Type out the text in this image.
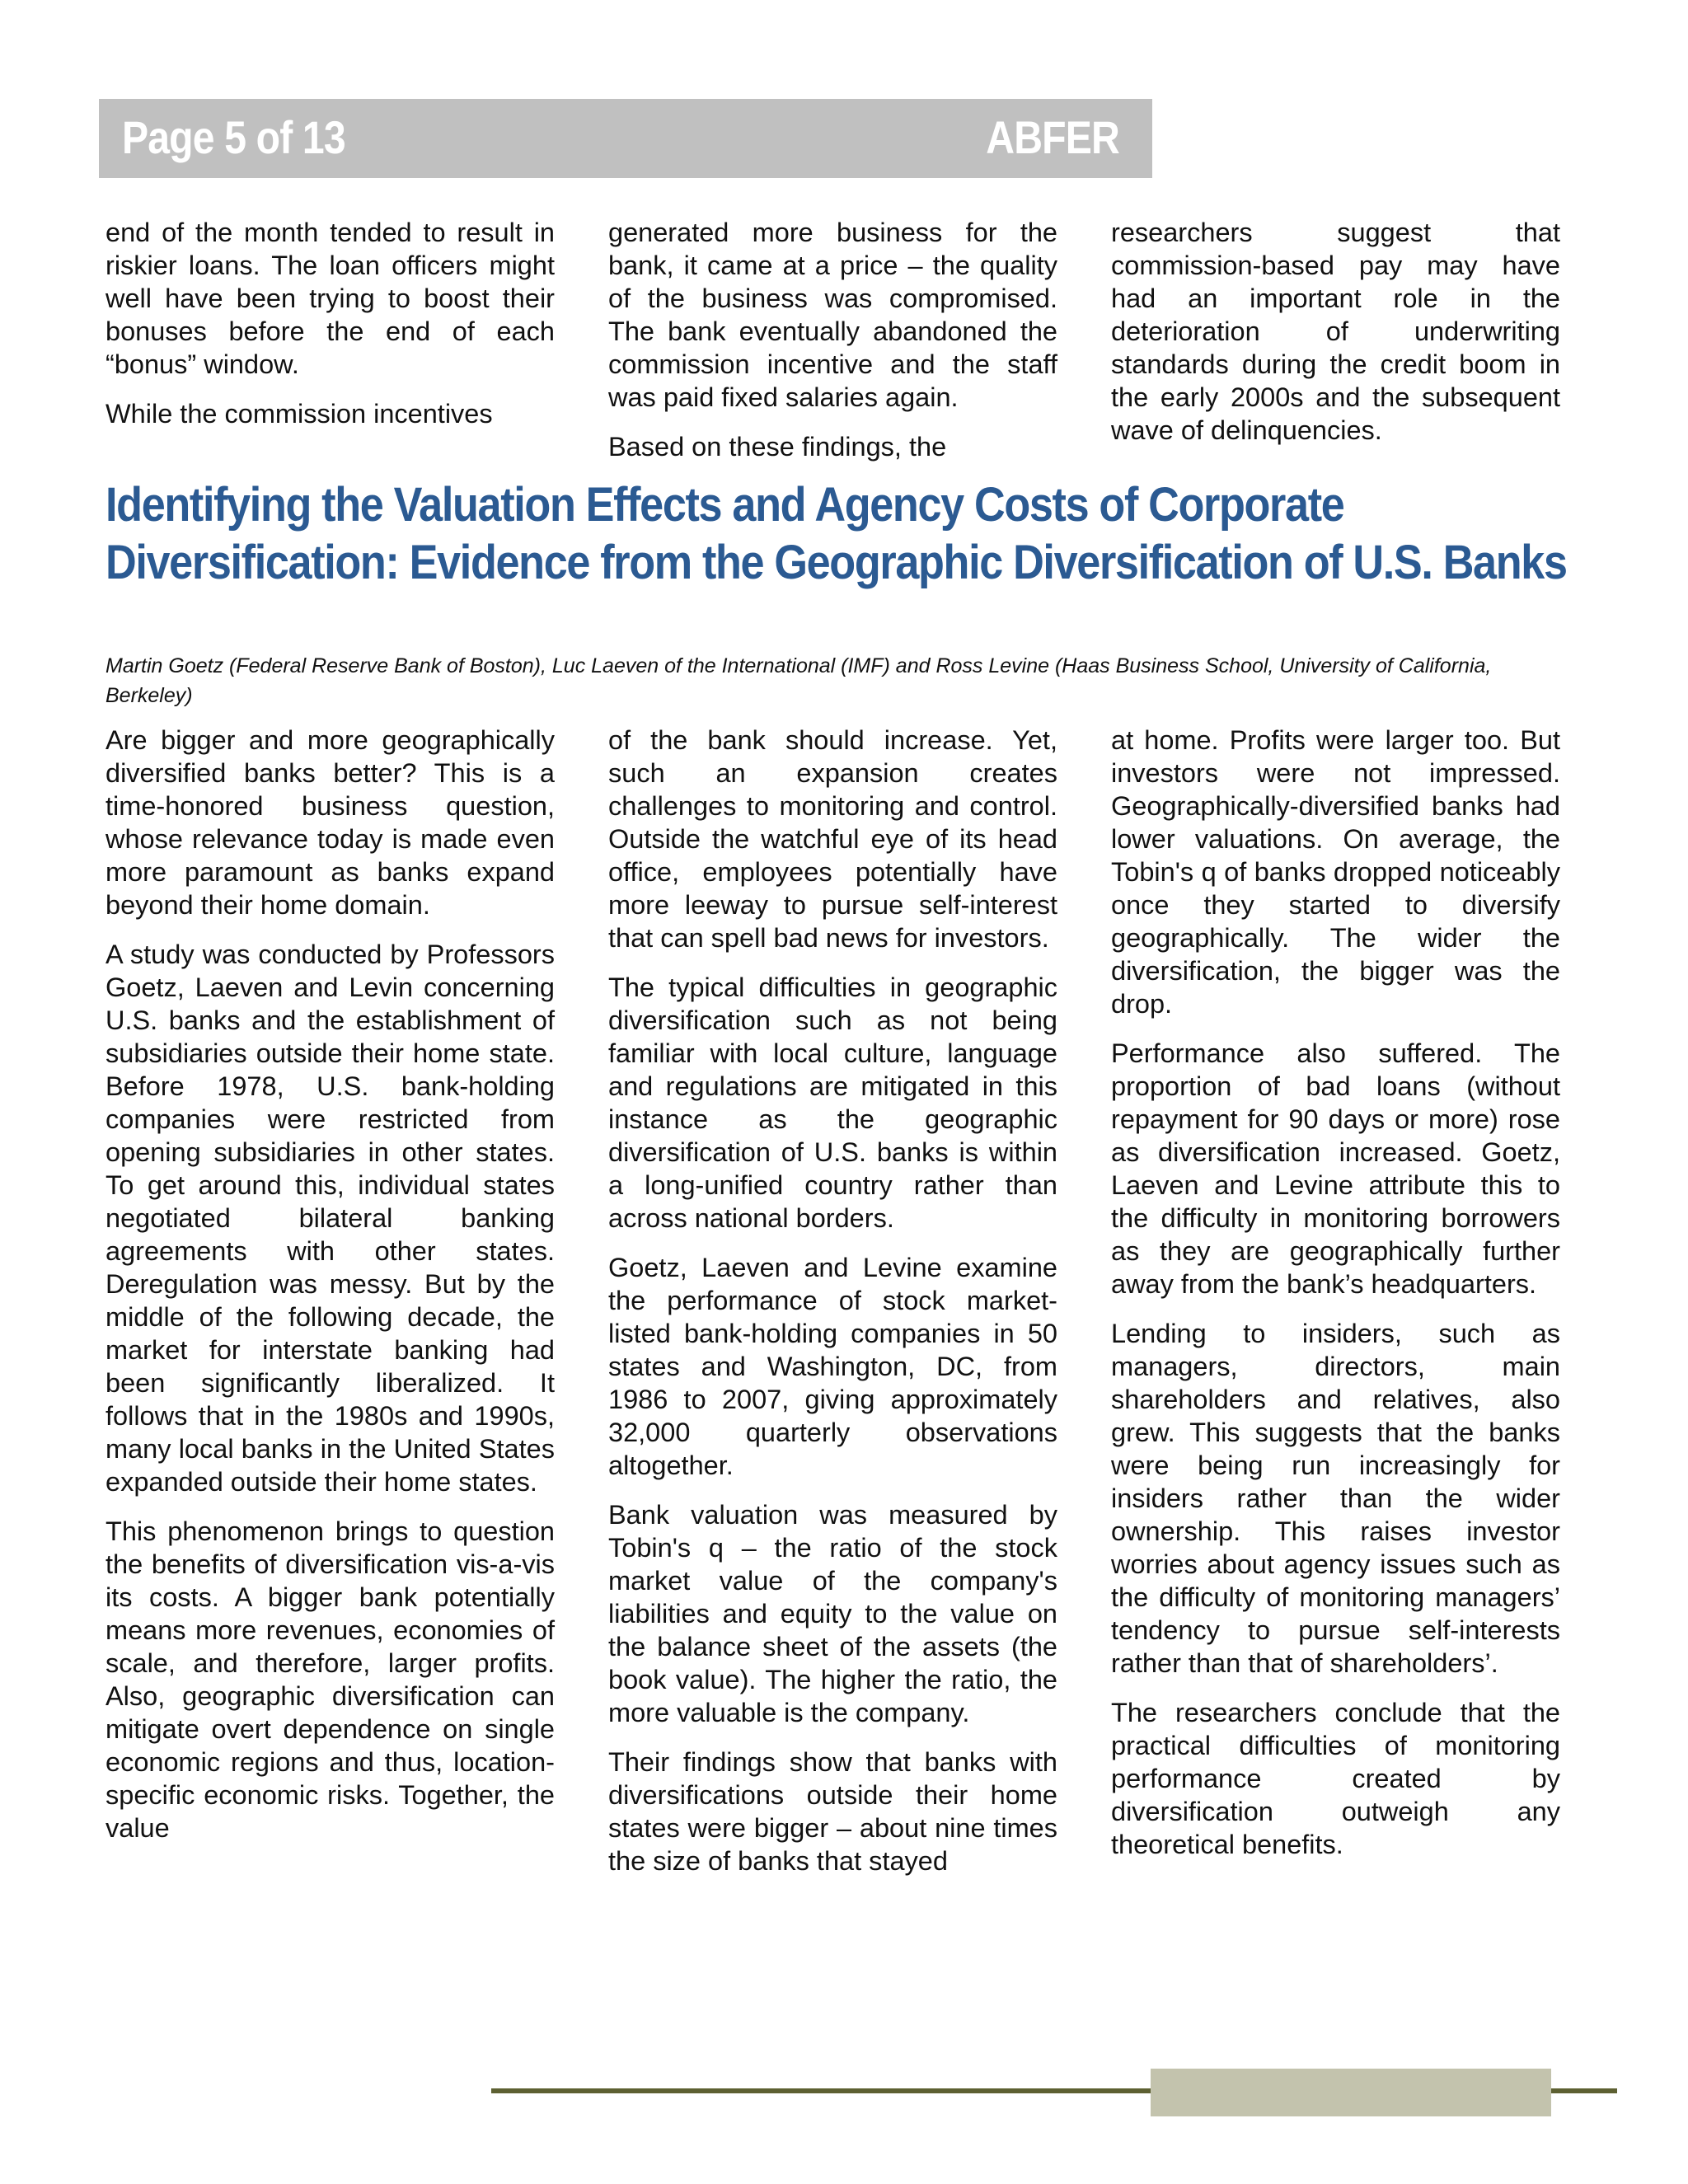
Page 5 of 13	ABFER

end of the month tended to result in riskier loans. The loan officers might well have been trying to boost their bonuses before the end of each “bonus” window.

While the commission incentives

generated more business for the bank, it came at a price – the quality of the business was compromised. The bank eventually abandoned the commission incentive and the staff was paid fixed salaries again.

Based on these findings, the

researchers suggest that commission-based pay may have had an important role in the deterioration of underwriting standards during the credit boom in the early 2000s and the subsequent wave of delinquencies.

Identifying the Valuation Effects and Agency Costs of Corporate Diversification: Evidence from the Geographic Diversification of U.S. Banks
Martin Goetz (Federal Reserve Bank of Boston), Luc Laeven of the International (IMF) and Ross Levine (Haas Business School, University of California, Berkeley)

Are bigger and more geographically diversified banks better? This is a time-honored business question, whose relevance today is made even more paramount as banks expand beyond their home domain.

A study was conducted by Professors Goetz, Laeven and Levin concerning U.S. banks and the establishment of subsidiaries outside their home state. Before 1978, U.S. bank-holding companies were restricted from opening subsidiaries in other states. To get around this, individual states negotiated bilateral banking agreements with other states. Deregulation was messy. But by the middle of the following decade, the market for interstate banking had been significantly liberalized. It follows that in the 1980s and 1990s, many local banks in the United States expanded outside their home states.

This phenomenon brings to question the benefits of diversification vis-a-vis its costs. A bigger bank potentially means more revenues, economies of scale, and therefore, larger profits. Also, geographic diversification can mitigate overt dependence on single economic regions and thus, location-specific economic risks. Together, the value

of the bank should increase. Yet, such an expansion creates challenges to monitoring and control. Outside the watchful eye of its head office, employees potentially have more leeway to pursue self-interest that can spell bad news for investors.

The typical difficulties in geographic diversification such as not being familiar with local culture, language and regulations are mitigated in this instance as the geographic diversification of U.S. banks is within a long-unified country rather than across national borders.

Goetz, Laeven and Levine examine the performance of stock market-listed bank-holding companies in 50 states and Washington, DC, from 1986 to 2007, giving approximately 32,000 quarterly observations altogether.

Bank valuation was measured by Tobin's q – the ratio of the stock market value of the company's liabilities and equity to the value on the balance sheet of the assets (the book value). The higher the ratio, the more valuable is the company.

Their findings show that banks with diversifications outside their home states were bigger – about nine times the size of banks that stayed

at home. Profits were larger too. But investors were not impressed. Geographically-diversified banks had lower valuations. On average, the Tobin's q of banks dropped noticeably once they started to diversify geographically. The wider the diversification, the bigger was the drop.

Performance also suffered. The proportion of bad loans (without repayment for 90 days or more) rose as diversification increased. Goetz, Laeven and Levine attribute this to the difficulty in monitoring borrowers as they are geographically further away from the bank’s headquarters.

Lending to insiders, such as managers, directors, main shareholders and relatives, also grew. This suggests that the banks were being run increasingly for insiders rather than the wider ownership. This raises investor worries about agency issues such as the difficulty of monitoring managers’ tendency to pursue self-interests rather than that of shareholders’.

The researchers conclude that the practical difficulties of monitoring performance created by diversification outweigh any theoretical benefits.
